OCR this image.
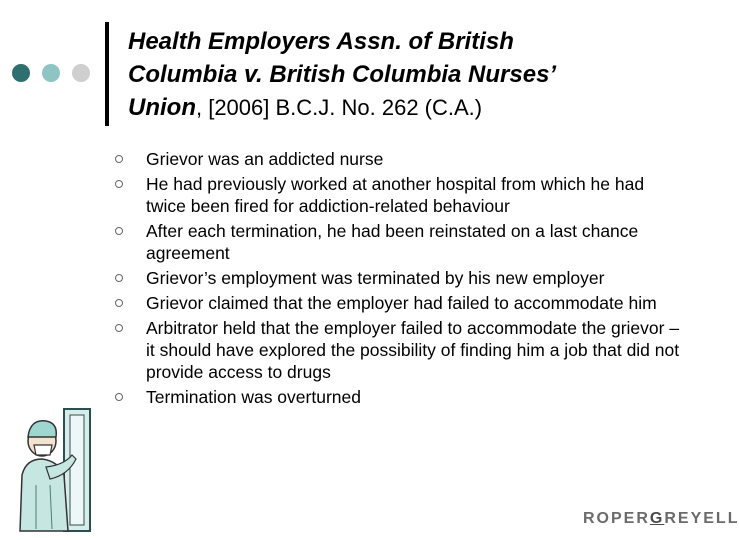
Health Employers Assn. of British
Columbia v. British Columbia Nurses’
Union, [2006] B.C.J. No. 262 (C.A.)
Grievor was an addicted nurse
He had previously worked at another hospital from which he had twice been fired for addiction-related behaviour
After each termination, he had been reinstated on a last chance agreement
Grievor’s employment was terminated by his new employer
Grievor claimed that the employer had failed to accommodate him
Arbitrator held that the employer failed to accommodate the grievor – it should have explored the possibility of finding him a job that did not provide access to drugs
Termination was overturned
ROPERGREYELL
